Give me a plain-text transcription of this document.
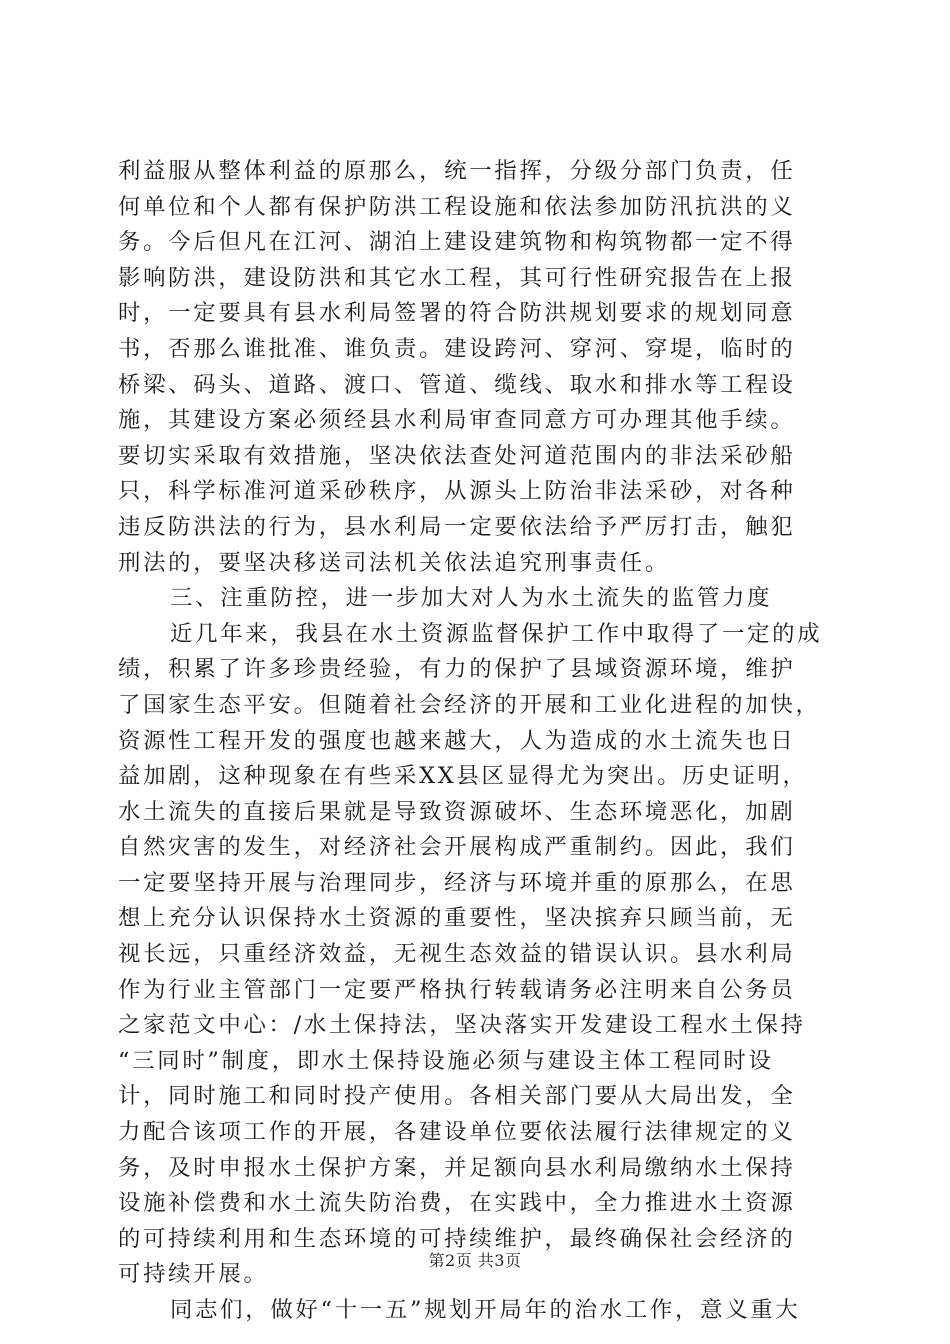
利益服从整体利益的原那么，统一指挥，分级分部门负责，任
何单位和个人都有保护防洪工程设施和依法参加防汛抗洪的义
务。今后但凡在江河、湖泊上建设建筑物和构筑物都一定不得
影响防洪，建设防洪和其它水工程，其可行性研究报告在上报
时，一定要具有县水利局签署的符合防洪规划要求的规划同意
书，否那么谁批准、谁负责。建设跨河、穿河、穿堤，临时的
桥梁、码头、道路、渡口、管道、缆线、取水和排水等工程设
施，其建设方案必须经县水利局审查同意方可办理其他手续。
要切实采取有效措施，坚决依法查处河道范围内的非法采砂船
只，科学标准河道采砂秩序，从源头上防治非法采砂，对各种
违反防洪法的行为，县水利局一定要依法给予严厉打击，触犯
刑法的，要坚决移送司法机关依法追究刑事责任。
三、注重防控，进一步加大对人为水土流失的监管力度
近几年来，我县在水土资源监督保护工作中取得了一定的成
绩，积累了许多珍贵经验，有力的保护了县域资源环境，维护
了国家生态平安。但随着社会经济的开展和工业化进程的加快，
资源性工程开发的强度也越来越大，人为造成的水土流失也日
益加剧，这种现象在有些采XX县区显得尤为突出。历史证明，
水土流失的直接后果就是导致资源破坏、生态环境恶化，加剧
自然灾害的发生，对经济社会开展构成严重制约。因此，我们
一定要坚持开展与治理同步，经济与环境并重的原那么，在思
想上充分认识保持水土资源的重要性，坚决摈弃只顾当前，无
视长远，只重经济效益，无视生态效益的错误认识。县水利局
作为行业主管部门一定要严格执行转载请务必注明来自公务员
之家范文中心：/水土保持法，坚决落实开发建设工程水土保持
“三同时”制度，即水土保持设施必须与建设主体工程同时设
计，同时施工和同时投产使用。各相关部门要从大局出发，全
力配合该项工作的开展，各建设单位要依法履行法律规定的义
务，及时申报水土保护方案，并足额向县水利局缴纳水土保持
设施补偿费和水土流失防治费，在实践中，全力推进水土资源
的可持续利用和生态环境的可持续维护，最终确保社会经济的
可持续开展。
同志们，做好“十一五”规划开局年的治水工作，意义重大
第2页 共3页
